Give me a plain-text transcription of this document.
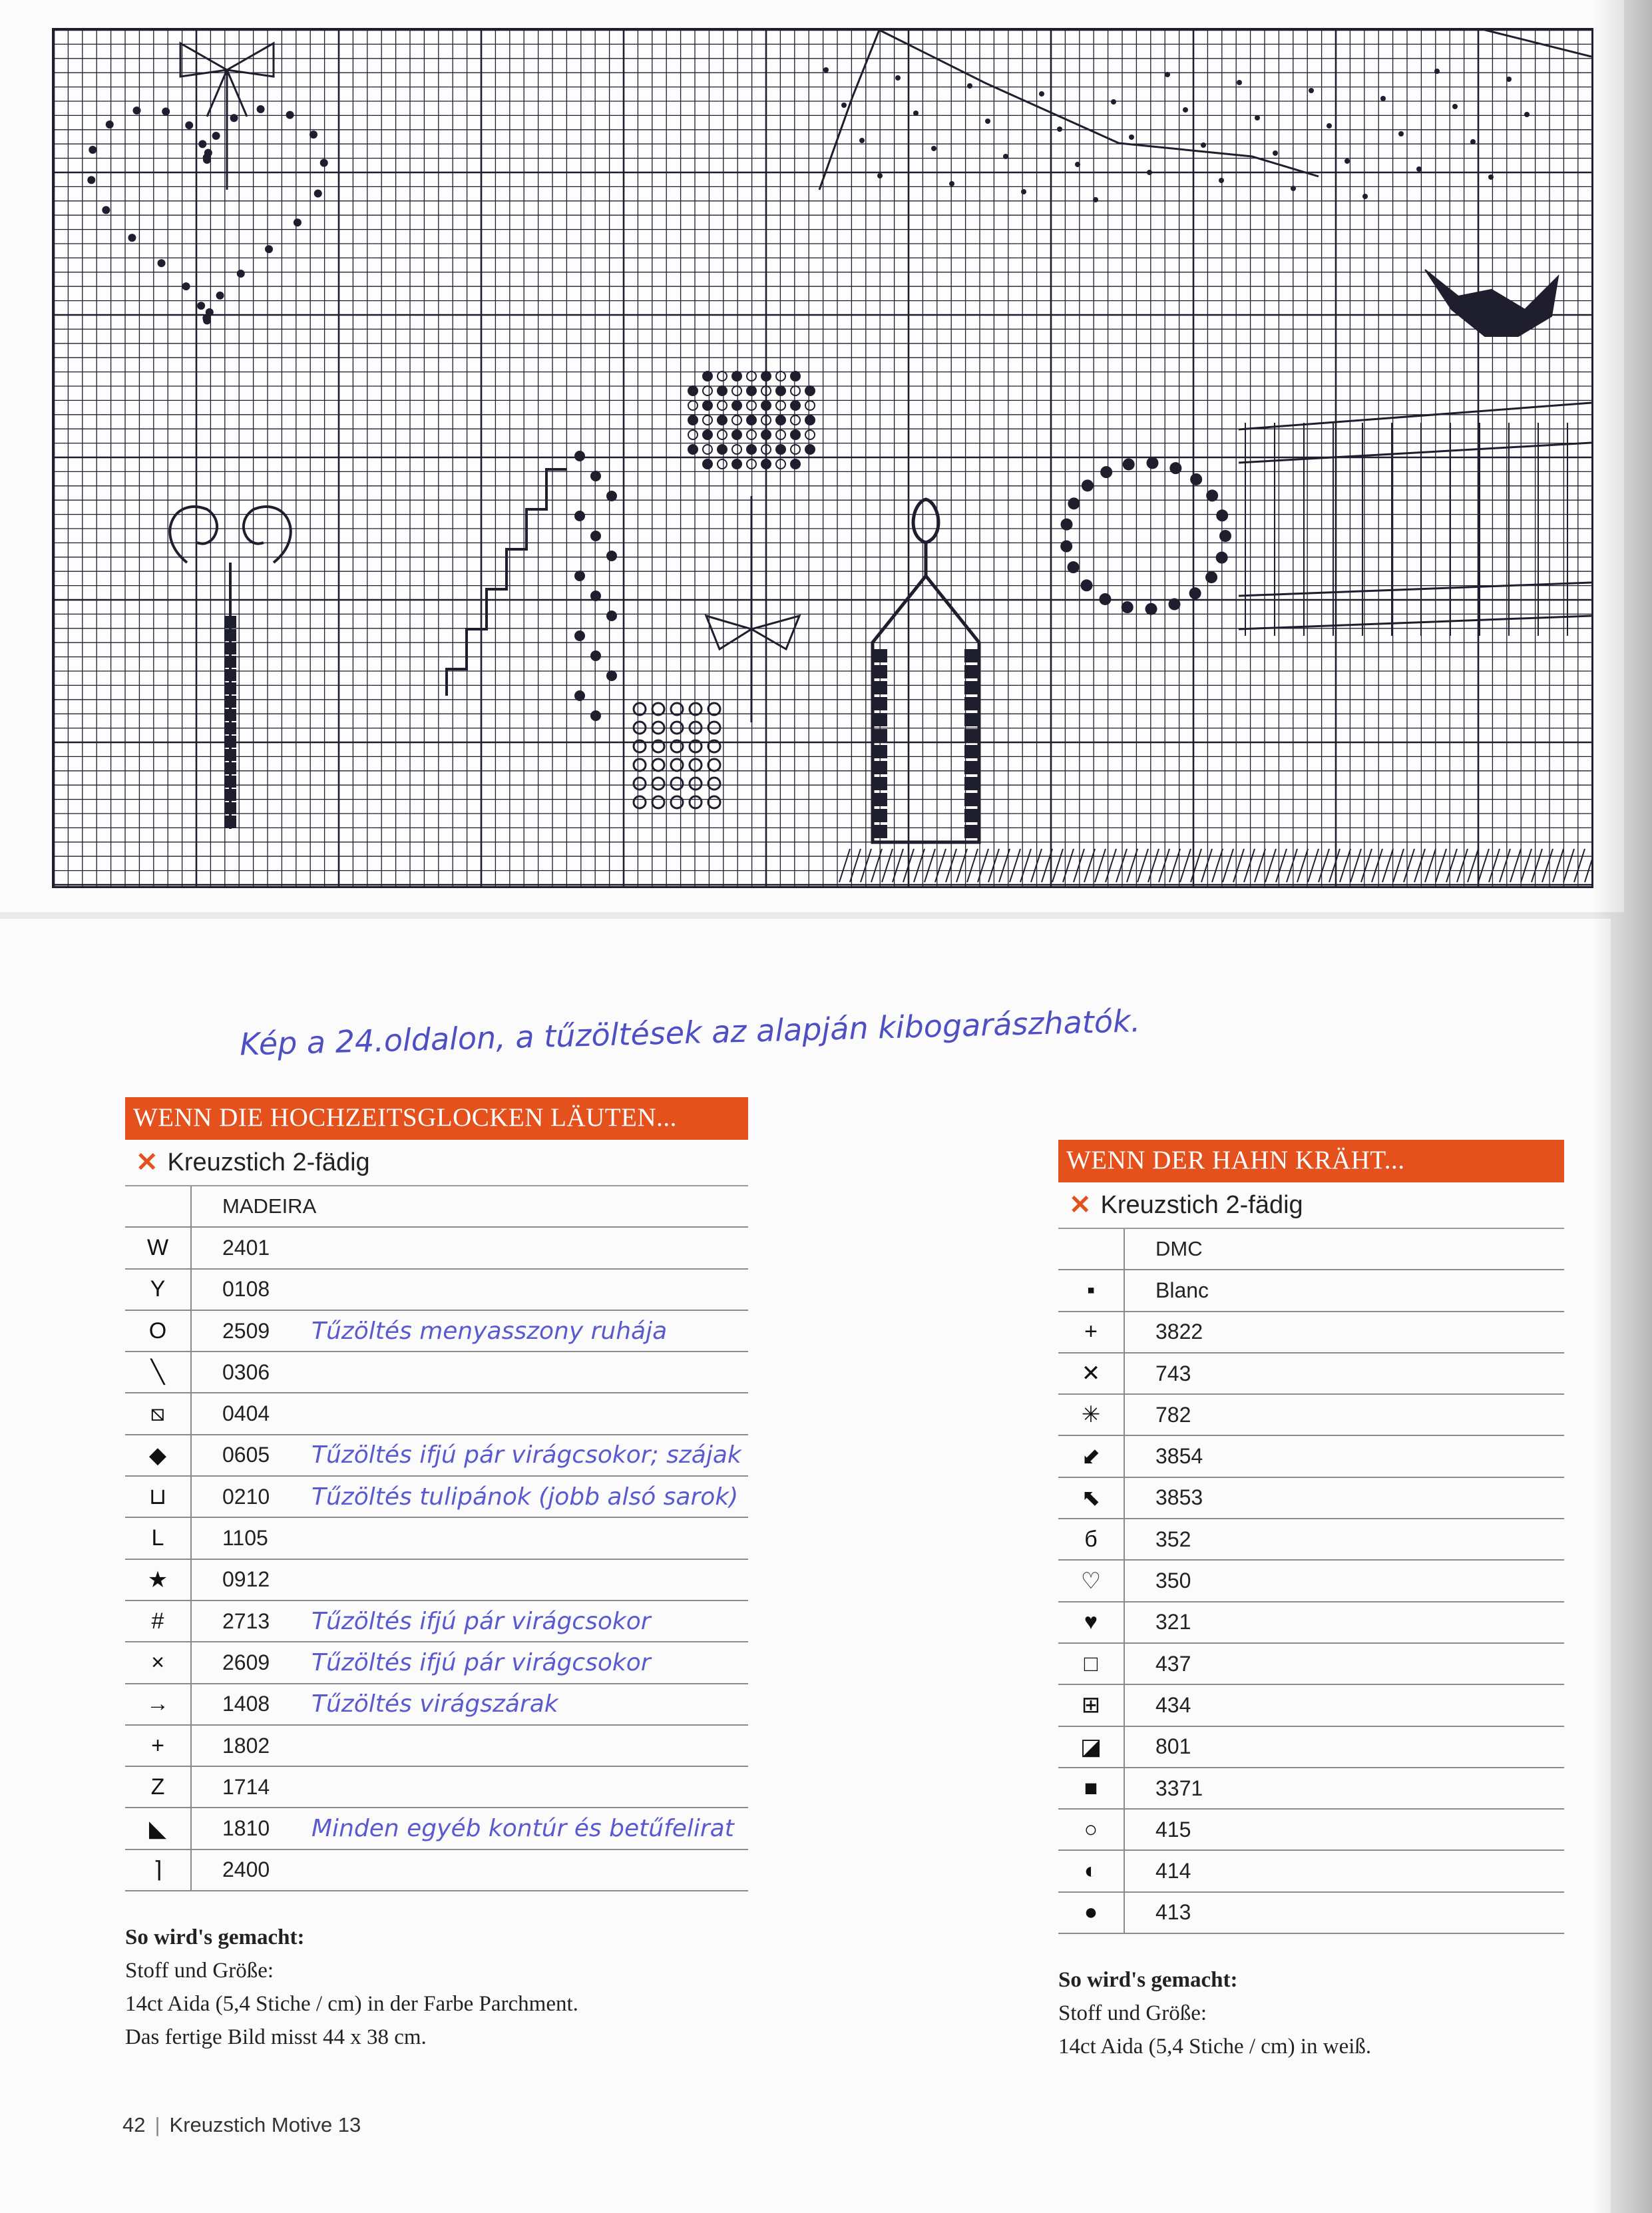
Kép a 24.oldalon, a tűzöltések az alapján kibogarászhatók.
WENN DIE HOCHZEITSGLOCKEN LÄUTEN...
✕ Kreuzstich 2-fädig
MADEIRA
W	2401
Y	0108
O	2509	Tűzöltés menyasszony ruhája
╲	0306
⧅	0404
◆	0605	Tűzöltés ifjú pár virágcsokor; szájak
⊔	0210	Tűzöltés tulipánok (jobb alsó sarok)
L	1105
★	0912
#	2713	Tűzöltés ifjú pár virágcsokor
×	2609	Tűzöltés ifjú pár virágcsokor
→	1408	Tűzöltés virágszárak
+	1802
Z	1714
◣	1810	Minden egyéb kontúr és betűfelirat
⌉	2400
So wird's gemacht:
Stoff und Größe:
14ct Aida (5,4 Stiche / cm) in der Farbe Parchment.
Das fertige Bild misst 44 x 38 cm.
WENN DER HAHN KRÄHT...
✕ Kreuzstich 2-fädig
DMC
▪	Blanc
+	3822
✕	743
✳	782
⬋	3854
⬉	3853
б	352
♡	350
♥	321
□	437
⊞	434
◪	801
■	3371
○	415
◐	414
●	413
So wird's gemacht:
Stoff und Größe:
14ct Aida (5,4 Stiche / cm) in weiß.
42 | Kreuzstich Motive 13
